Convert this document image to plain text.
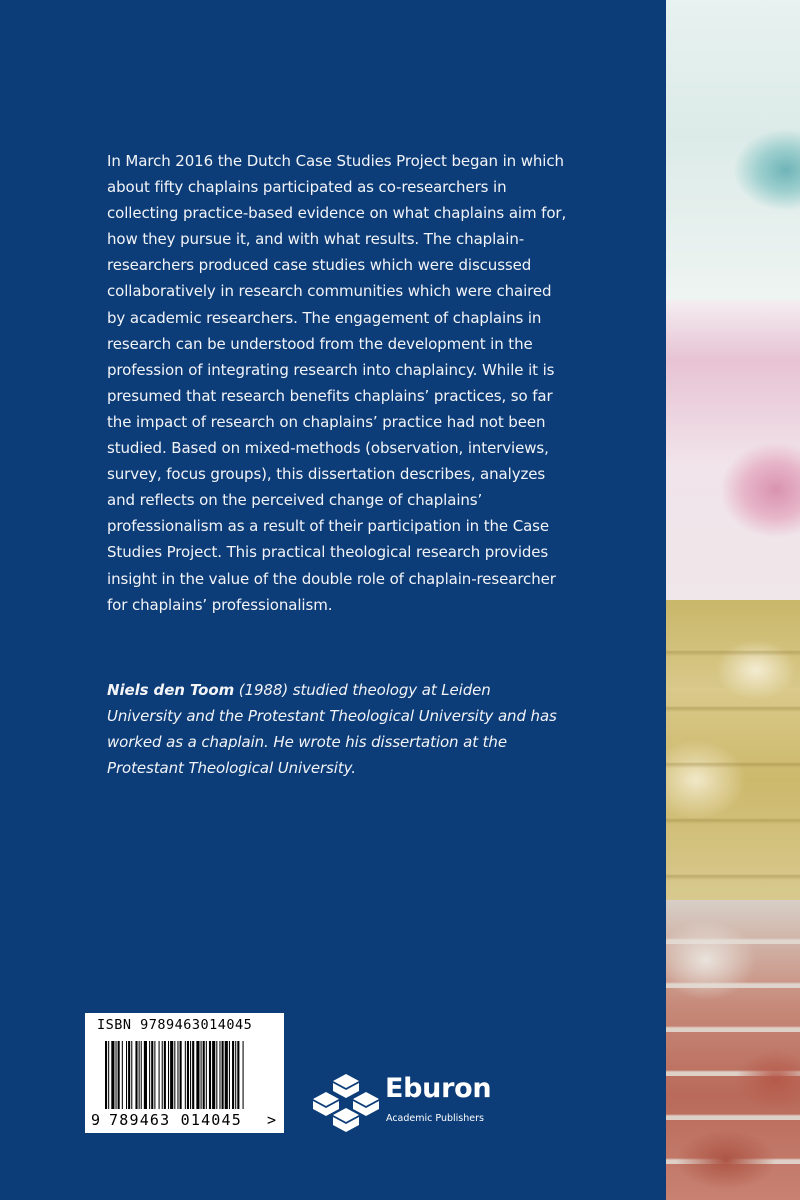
In March 2016 the Dutch Case Studies Project began in which about fifty chaplains participated as co-researchers in collecting practice-based evidence on what chaplains aim for, how they pursue it, and with what results. The chaplain-researchers produced case studies which were discussed collaboratively in research communities which were chaired by academic researchers. The engagement of chaplains in research can be understood from the development in the profession of integrating research into chaplaincy. While it is presumed that research benefits chaplains’ practices, so far the impact of research on chaplains’ practice had not been studied. Based on mixed-methods (observation, interviews, survey, focus groups), this dissertation describes, analyzes and reflects on the perceived change of chaplains’ professionalism as a result of their participation in the Case Studies Project. This practical theological research provides insight in the value of the double role of chaplain-researcher for chaplains’ professionalism.

Niels den Toom (1988) studied theology at Leiden University and the Protestant Theological University and has worked as a chaplain. He wrote his dissertation at the Protestant Theological University.

ISBN 9789463014045
9 789463 014045 >
Eburon
Academic Publishers
